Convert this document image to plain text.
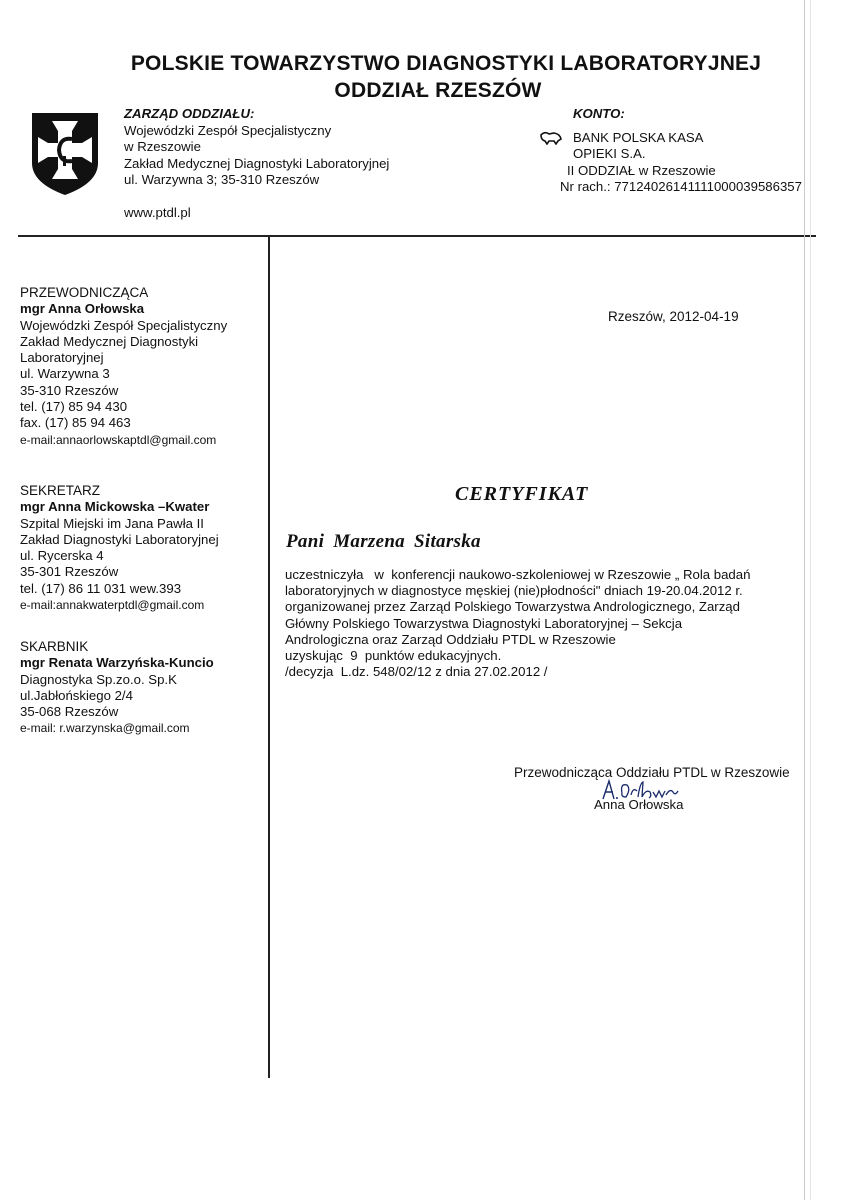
POLSKIE TOWARZYSTWO DIAGNOSTYKI LABORATORYJNEJ
ODDZIAŁ RZESZÓW
ZARZĄD ODDZIAŁU:
Wojewódzki Zespół Specjalistyczny
w Rzeszowie
Zakład Medycznej Diagnostyki Laboratoryjnej
ul. Warzywna 3; 35-310 Rzeszów
www.ptdl.pl
KONTO:
BANK POLSKA KASA
OPIEKI S.A.
II ODDZIAŁ w Rzeszowie
Nr rach.: 77124026141111000039586357
PRZEWODNICZĄCA
mgr Anna Orłowska
Wojewódzki Zespół Specjalistyczny
Zakład Medycznej Diagnostyki
Laboratoryjnej
ul. Warzywna 3
35-310 Rzeszów
tel. (17) 85 94 430
fax. (17) 85 94 463
e-mail:annaorlowskaptdl@gmail.com
SEKRETARZ
mgr Anna Mickowska –Kwater
Szpital Miejski im Jana Pawła II
Zakład Diagnostyki Laboratoryjnej
ul. Rycerska 4
35-301 Rzeszów
tel. (17) 86 11 031 wew.393
e-mail:annakwaterptdl@gmail.com
SKARBNIK
mgr Renata Warzyńska-Kuncio
Diagnostyka Sp.zo.o. Sp.K
ul.Jabłońskiego 2/4
35-068 Rzeszów
e-mail: r.warzynska@gmail.com
Rzeszów, 2012-04-19
CERTYFIKAT
Pani Marzena Sitarska
uczestniczyła   w  konferencji naukowo-szkoleniowej w Rzeszowie „ Rola badań
laboratoryjnych w diagnostyce męskiej (nie)płodności" dniach 19-20.04.2012 r.
organizowanej przez Zarząd Polskiego Towarzystwa Andrologicznego, Zarząd
Główny Polskiego Towarzystwa Diagnostyki Laboratoryjnej – Sekcja
Andrologiczna oraz Zarząd Oddziału PTDL w Rzeszowie
uzyskując  9  punktów edukacyjnych.
/decyzja  L.dz. 548/02/12 z dnia 27.02.2012 /
Przewodnicząca Oddziału PTDL w Rzeszowie
Anna Orłowska
